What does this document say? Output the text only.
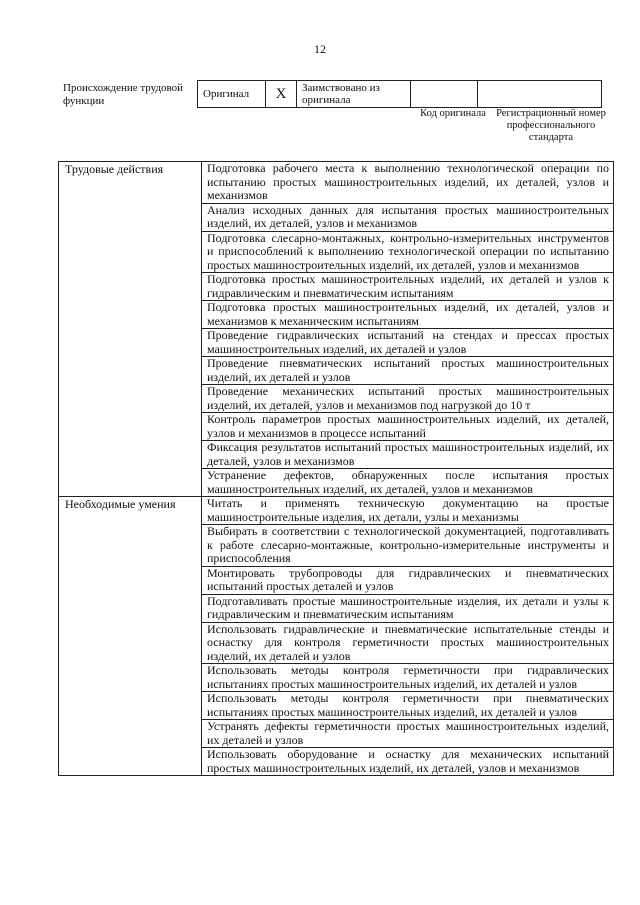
12
Происхождение трудовой функции
Оригинал	X	Заимствовано из оригинала		
Код оригинала Регистрационный номер профессионального стандарта
Трудовые действия	Подготовка рабочего места к выполнению технологической операции по испытанию простых машиностроительных изделий, их деталей, узлов и механизмов
	Анализ исходных данных для испытания простых машиностроительных изделий, их деталей, узлов и механизмов
	Подготовка слесарно-монтажных, контрольно-измерительных инструментов и приспособлений к выполнению технологической операции по испытанию простых машиностроительных изделий, их деталей, узлов и механизмов
	Подготовка простых машиностроительных изделий, их деталей и узлов к гидравлическим и пневматическим испытаниям
	Подготовка простых машиностроительных изделий, их деталей, узлов и механизмов к механическим испытаниям
	Проведение гидравлических испытаний на стендах и прессах простых машиностроительных изделий, их деталей и узлов
	Проведение пневматических испытаний простых машиностроительных изделий, их деталей и узлов
	Проведение механических испытаний простых машиностроительных изделий, их деталей, узлов и механизмов под нагрузкой до 10 т
	Контроль параметров простых машиностроительных изделий, их деталей, узлов и механизмов в процессе испытаний
	Фиксация результатов испытаний простых машиностроительных изделий, их деталей, узлов и механизмов
	Устранение дефектов, обнаруженных после испытания простых машиностроительных изделий, их деталей, узлов и механизмов
Необходимые умения	Читать и применять техническую документацию на простые машиностроительные изделия, их детали, узлы и механизмы
	Выбирать в соответствии с технологической документацией, подготавливать к работе слесарно-монтажные, контрольно-измерительные инструменты и приспособления
	Монтировать трубопроводы для гидравлических и пневматических испытаний простых деталей и узлов
	Подготавливать простые машиностроительные изделия, их детали и узлы к гидравлическим и пневматическим испытаниям
	Использовать гидравлические и пневматические испытательные стенды и оснастку для контроля герметичности простых машиностроительных изделий, их деталей и узлов
	Использовать методы контроля герметичности при гидравлических испытаниях простых машиностроительных изделий, их деталей и узлов
	Использовать методы контроля герметичности при пневматических испытаниях простых машиностроительных изделий, их деталей и узлов
	Устранять дефекты герметичности простых машиностроительных изделий, их деталей и узлов
	Использовать оборудование и оснастку для механических испытаний простых машиностроительных изделий, их деталей, узлов и механизмов
